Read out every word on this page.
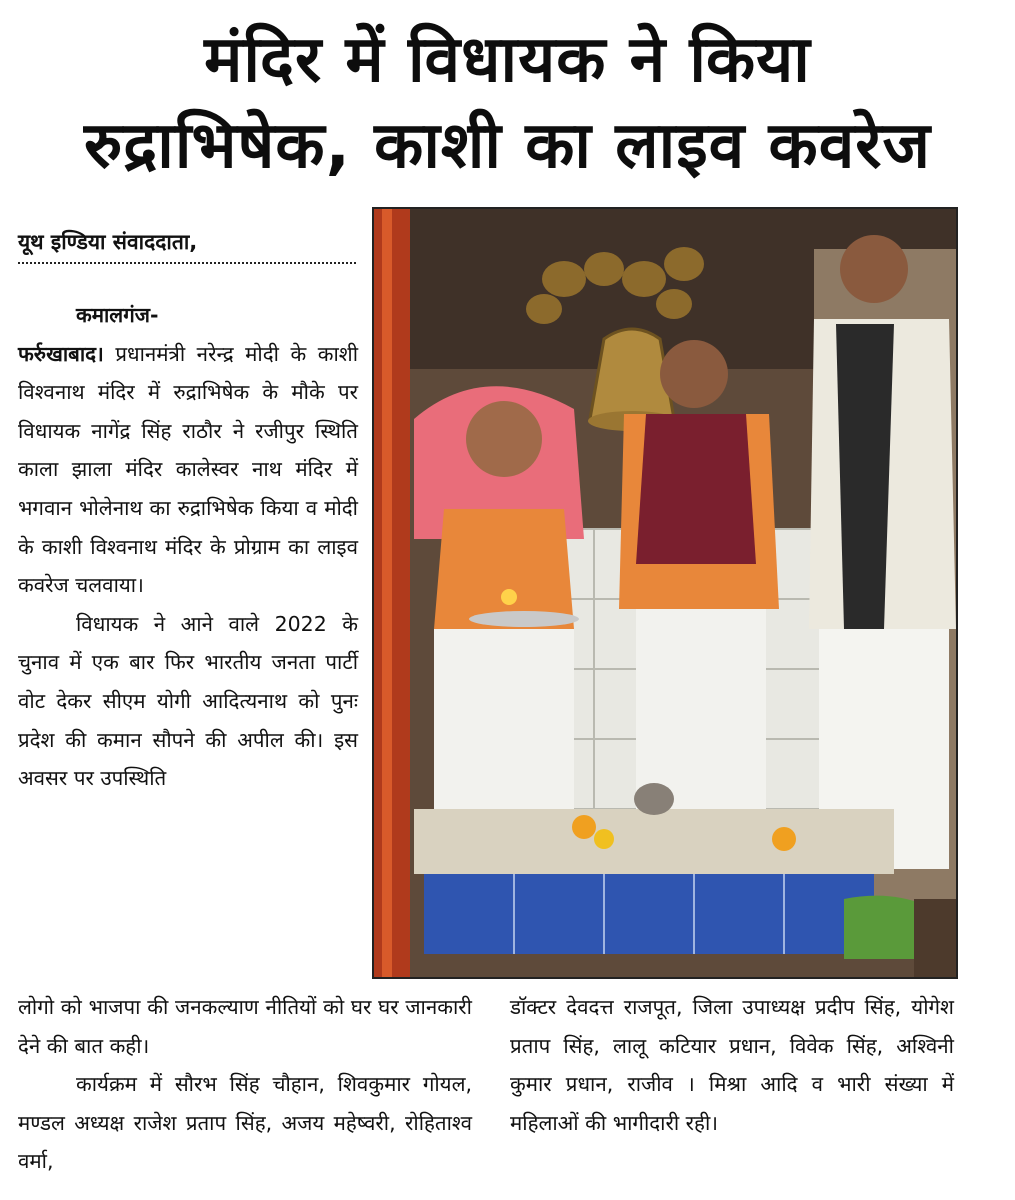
मंदिर में विधायक ने किया
रुद्राभिषेक, काशी का लाइव कवरेज
यूथ इण्डिया संवाददाता,

कमालगंज-

फर्रुखाबाद। प्रधानमंत्री नरेन्द्र मोदी के काशी विश्वनाथ मंदिर में रुद्राभिषेक के मौके पर विधायक नागेंद्र सिंह राठौर ने रजीपुर स्थिति काला झाला मंदिर कालेस्वर नाथ मंदिर में भगवान भोलेनाथ का रुद्राभिषेक किया व मोदी के काशी विश्वनाथ मंदिर के प्रोग्राम का लाइव कवरेज चलवाया।

विधायक ने आने वाले 2022 के चुनाव में एक बार फिर भारतीय जनता पार्टी वोट देकर सीएम योगी आदित्यनाथ को पुनः प्रदेश की कमान सौपने की अपील की। इस अवसर पर उपस्थिति

लोगो को भाजपा की जनकल्याण नीतियों को घर घर जानकारी देने की बात कही।

कार्यक्रम में सौरभ सिंह चौहान, शिवकुमार गोयल, मण्डल अध्यक्ष राजेश प्रताप सिंह, अजय महेष्वरी, रोहिताश्व वर्मा,

डॉक्टर देवदत्त राजपूत, जिला उपाध्यक्ष प्रदीप सिंह, योगेश प्रताप सिंह, लालू कटियार प्रधान, विवेक सिंह, अश्विनी कुमार प्रधान, राजीव । मिश्रा आदि व भारी संख्या में महिलाओं की भागीदारी रही।
